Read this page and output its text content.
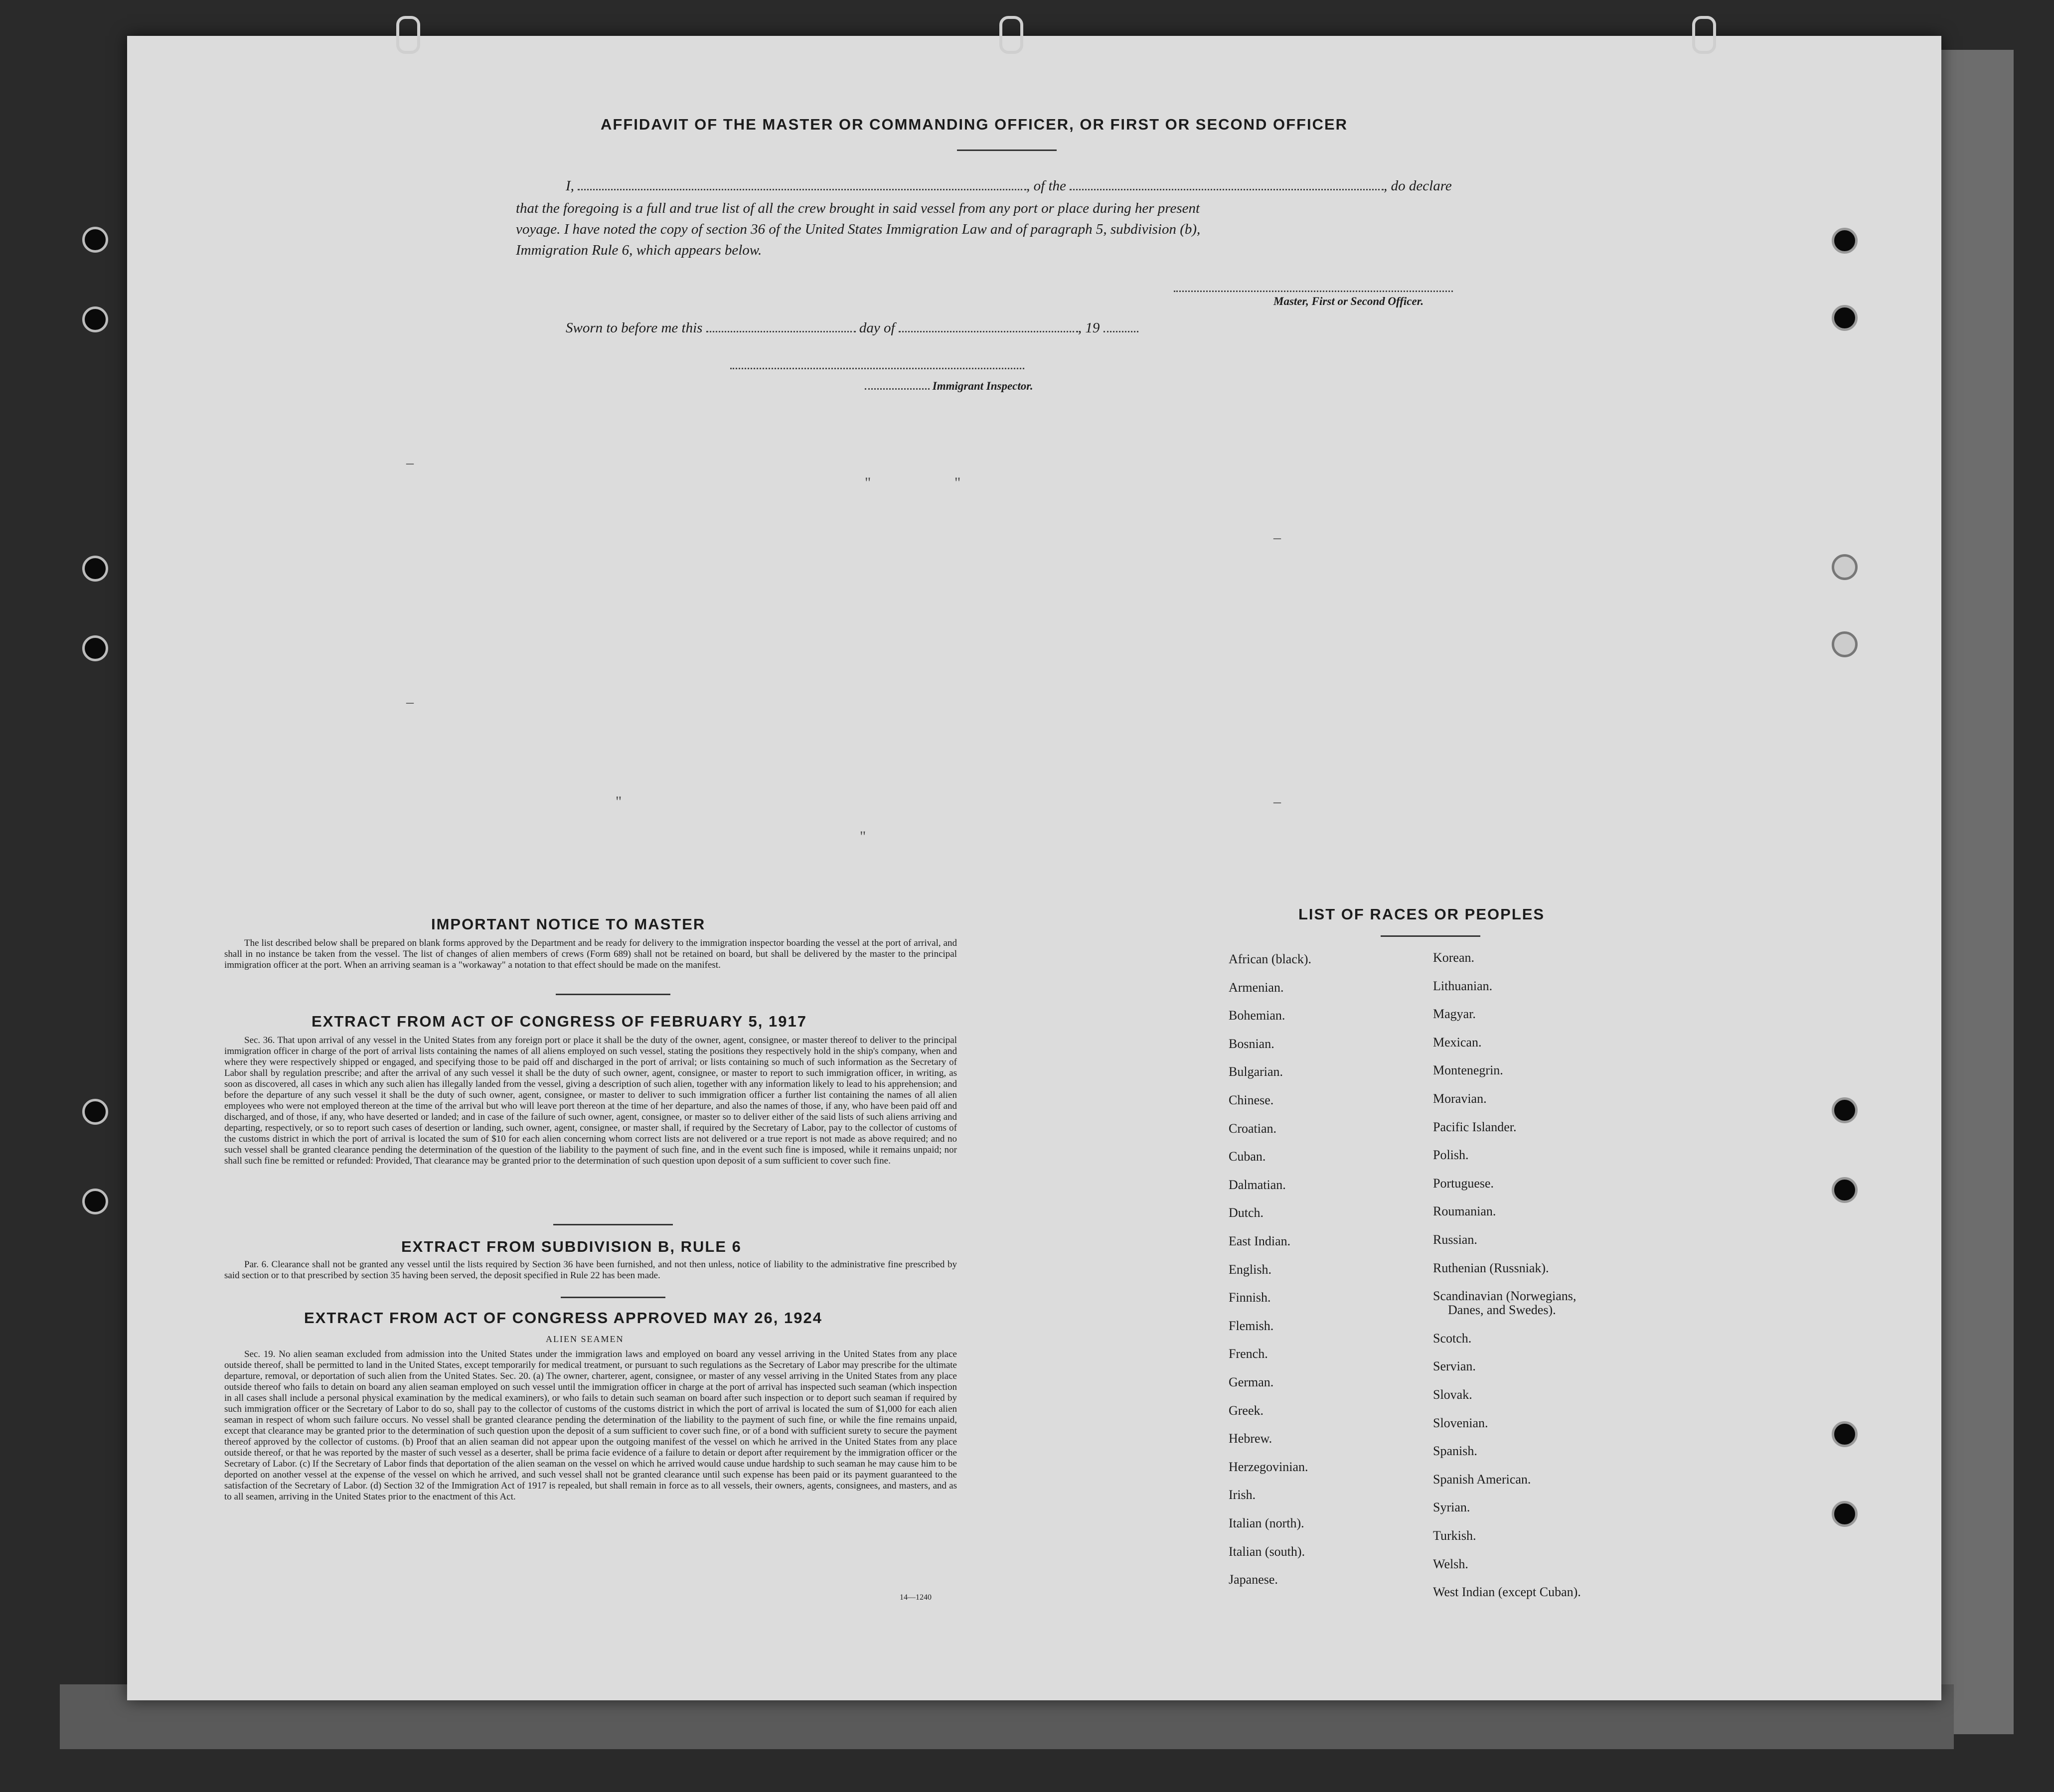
AFFIDAVIT OF THE MASTER OR COMMANDING OFFICER, OR FIRST OR SECOND OFFICER
I,	, of the	, do declare
that the foregoing is a full and true list of all the crew brought in said vessel from any port or place during her present
voyage. I have noted the copy of section 36 of the United States Immigration Law and of paragraph 5, subdivision (b),
Immigration Rule 6, which appears below.
Master, First or Second Officer.
Sworn to before me this	day of	, 19
Immigrant Inspector.
–
"	"
–
–
"
"
–
IMPORTANT NOTICE TO MASTER
The list described below shall be prepared on blank forms approved by the Department and be ready for delivery to the immigration inspector boarding the vessel at the port of arrival, and shall in no instance be taken from the vessel. The list of changes of alien members of crews (Form 689) shall not be retained on board, but shall be delivered by the master to the principal immigration officer at the port. When an arriving seaman is a "workaway" a notation to that effect should be made on the manifest.
EXTRACT FROM ACT OF CONGRESS OF FEBRUARY 5, 1917
Sec. 36. That upon arrival of any vessel in the United States from any foreign port or place it shall be the duty of the owner, agent, consignee, or master thereof to deliver to the principal immigration officer in charge of the port of arrival lists containing the names of all aliens employed on such vessel, stating the positions they respectively hold in the ship's company, when and where they were respectively shipped or engaged, and specifying those to be paid off and discharged in the port of arrival; or lists containing so much of such information as the Secretary of Labor shall by regulation prescribe; and after the arrival of any such vessel it shall be the duty of such owner, agent, consignee, or master to report to such immigration officer, in writing, as soon as discovered, all cases in which any such alien has illegally landed from the vessel, giving a description of such alien, together with any information likely to lead to his apprehension; and before the departure of any such vessel it shall be the duty of such owner, agent, consignee, or master to deliver to such immigration officer a further list containing the names of all alien employees who were not employed thereon at the time of the arrival but who will leave port thereon at the time of her departure, and also the names of those, if any, who have been paid off and discharged, and of those, if any, who have deserted or landed; and in case of the failure of such owner, agent, consignee, or master so to deliver either of the said lists of such aliens arriving and departing, respectively, or so to report such cases of desertion or landing, such owner, agent, consignee, or master shall, if required by the Secretary of Labor, pay to the collector of customs of the customs district in which the port of arrival is located the sum of $10 for each alien concerning whom correct lists are not delivered or a true report is not made as above required; and no such vessel shall be granted clearance pending the determination of the question of the liability to the payment of such fine, and in the event such fine is imposed, while it remains unpaid; nor shall such fine be remitted or refunded: Provided, That clearance may be granted prior to the determination of such question upon deposit of a sum sufficient to cover such fine.
EXTRACT FROM SUBDIVISION B, RULE 6
Par. 6. Clearance shall not be granted any vessel until the lists required by Section 36 have been furnished, and not then unless, notice of liability to the administrative fine prescribed by said section or to that prescribed by section 35 having been served, the deposit specified in Rule 22 has been made.
EXTRACT FROM ACT OF CONGRESS APPROVED MAY 26, 1924
ALIEN SEAMEN
Sec. 19. No alien seaman excluded from admission into the United States under the immigration laws and employed on board any vessel arriving in the United States from any place outside thereof, shall be permitted to land in the United States, except temporarily for medical treatment, or pursuant to such regulations as the Secretary of Labor may prescribe for the ultimate departure, removal, or deportation of such alien from the United States. Sec. 20. (a) The owner, charterer, agent, consignee, or master of any vessel arriving in the United States from any place outside thereof who fails to detain on board any alien seaman employed on such vessel until the immigration officer in charge at the port of arrival has inspected such seaman (which inspection in all cases shall include a personal physical examination by the medical examiners), or who fails to detain such seaman on board after such inspection or to deport such seaman if required by such immigration officer or the Secretary of Labor to do so, shall pay to the collector of customs of the customs district in which the port of arrival is located the sum of $1,000 for each alien seaman in respect of whom such failure occurs. No vessel shall be granted clearance pending the determination of the liability to the payment of such fine, or while the fine remains unpaid, except that clearance may be granted prior to the determination of such question upon the deposit of a sum sufficient to cover such fine, or of a bond with sufficient surety to secure the payment thereof approved by the collector of customs. (b) Proof that an alien seaman did not appear upon the outgoing manifest of the vessel on which he arrived in the United States from any place outside thereof, or that he was reported by the master of such vessel as a deserter, shall be prima facie evidence of a failure to detain or deport after requirement by the immigration officer or the Secretary of Labor. (c) If the Secretary of Labor finds that deportation of the alien seaman on the vessel on which he arrived would cause undue hardship to such seaman he may cause him to be deported on another vessel at the expense of the vessel on which he arrived, and such vessel shall not be granted clearance until such expense has been paid or its payment guaranteed to the satisfaction of the Secretary of Labor. (d) Section 32 of the Immigration Act of 1917 is repealed, but shall remain in force as to all vessels, their owners, agents, consignees, and masters, and as to all seamen, arriving in the United States prior to the enactment of this Act.
14—1240
LIST OF RACES OR PEOPLES
African (black).
Armenian.
Bohemian.
Bosnian.
Bulgarian.
Chinese.
Croatian.
Cuban.
Dalmatian.
Dutch.
East Indian.
English.
Finnish.
Flemish.
French.
German.
Greek.
Hebrew.
Herzegovinian.
Irish.
Italian (north).
Italian (south).
Japanese.
Korean.
Lithuanian.
Magyar.
Mexican.
Montenegrin.
Moravian.
Pacific Islander.
Polish.
Portuguese.
Roumanian.
Russian.
Ruthenian (Russniak).
Scandinavian (Norwegians,
Danes, and Swedes).
Scotch.
Servian.
Slovak.
Slovenian.
Spanish.
Spanish American.
Syrian.
Turkish.
Welsh.
West Indian (except Cuban).
